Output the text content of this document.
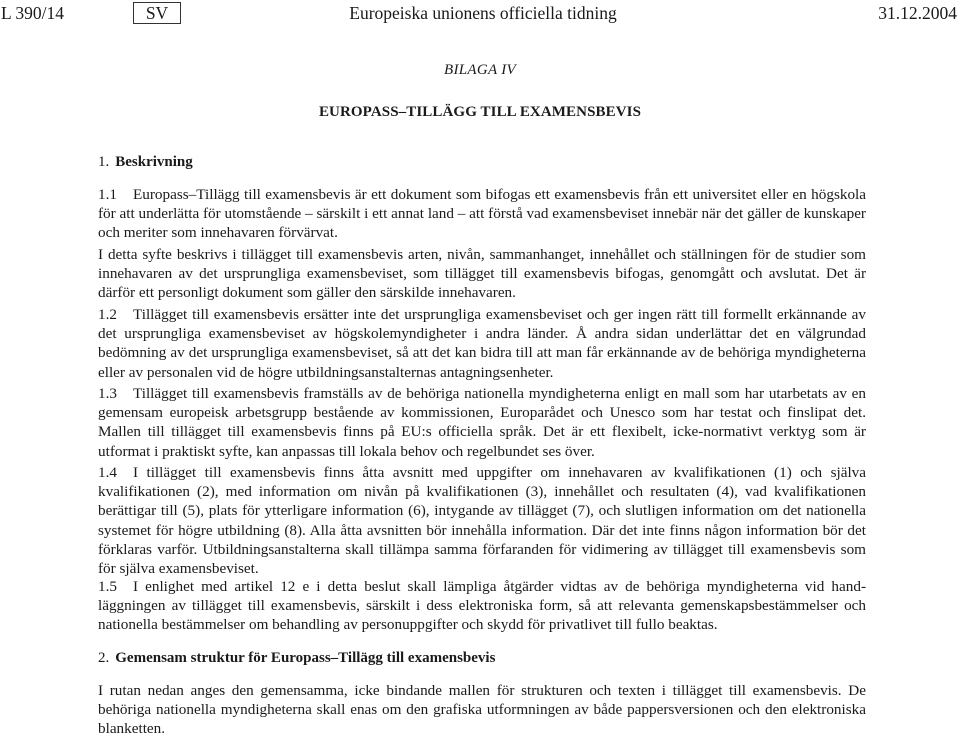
L 390/14	SV	Europeiska unionens officiella tidning	31.12.2004
BILAGA IV
EUROPASS–TILLÄGG TILL EXAMENSBEVIS
1. Beskrivning
1.1 Europass–Tillägg till examensbevis är ett dokument som bifogas ett examensbevis från ett universitet eller en högskola för att underlätta för utomstående – särskilt i ett annat land – att förstå vad examensbeviset innebär när det gäller de kunskaper och meriter som innehavaren förvärvat.
I detta syfte beskrivs i tillägget till examensbevis arten, nivån, sammanhanget, innehållet och ställningen för de studier som innehavaren av det ursprungliga examensbeviset, som tillägget till examensbevis bifogas, genomgått och avslutat. Det är därför ett personligt dokument som gäller den särskilde innehavaren.
1.2 Tillägget till examensbevis ersätter inte det ursprungliga examensbeviset och ger ingen rätt till formellt erkännande av det ursprungliga examensbeviset av högskolemyndigheter i andra länder. Å andra sidan underlättar det en välgrundad bedömning av det ursprungliga examensbeviset, så att det kan bidra till att man får erkännande av de behöriga myndigheterna eller av personalen vid de högre utbildningsanstalternas antagningsenheter.
1.3 Tillägget till examensbevis framställs av de behöriga nationella myndigheterna enligt en mall som har utarbetats av en gemensam europeisk arbetsgrupp bestående av kommissionen, Europarådet och Unesco som har testat och finslipat det. Mallen till tillägget till examensbevis finns på EU:s officiella språk. Det är ett flexibelt, icke-normativt verktyg som är utformat i praktiskt syfte, kan anpassas till lokala behov och regelbundet ses över.
1.4 I tillägget till examensbevis finns åtta avsnitt med uppgifter om innehavaren av kvalifikationen (1) och själva kvalifikationen (2), med information om nivån på kvalifikationen (3), innehållet och resultaten (4), vad kvalifikationen berättigar till (5), plats för ytterligare information (6), intygande av tillägget (7), och slutligen information om det nationella systemet för högre utbildning (8). Alla åtta avsnitten bör innehålla information. Där det inte finns någon information bör det förklaras varför. Utbildningsanstalterna skall tillämpa samma förfaranden för vidimering av tillägget till examensbevis som för själva examensbeviset.
1.5 I enlighet med artikel 12 e i detta beslut skall lämpliga åtgärder vidtas av de behöriga myndigheterna vid handläggningen av tillägget till examensbevis, särskilt i dess elektroniska form, så att relevanta gemenskapsbestämmelser och nationella bestämmelser om behandling av personuppgifter och skydd för privatlivet till fullo beaktas.
2. Gemensam struktur för Europass–Tillägg till examensbevis
I rutan nedan anges den gemensamma, icke bindande mallen för strukturen och texten i tillägget till examensbevis. De behöriga nationella myndigheterna skall enas om den grafiska utformningen av både pappersversionen och den elektroniska blanketten.
